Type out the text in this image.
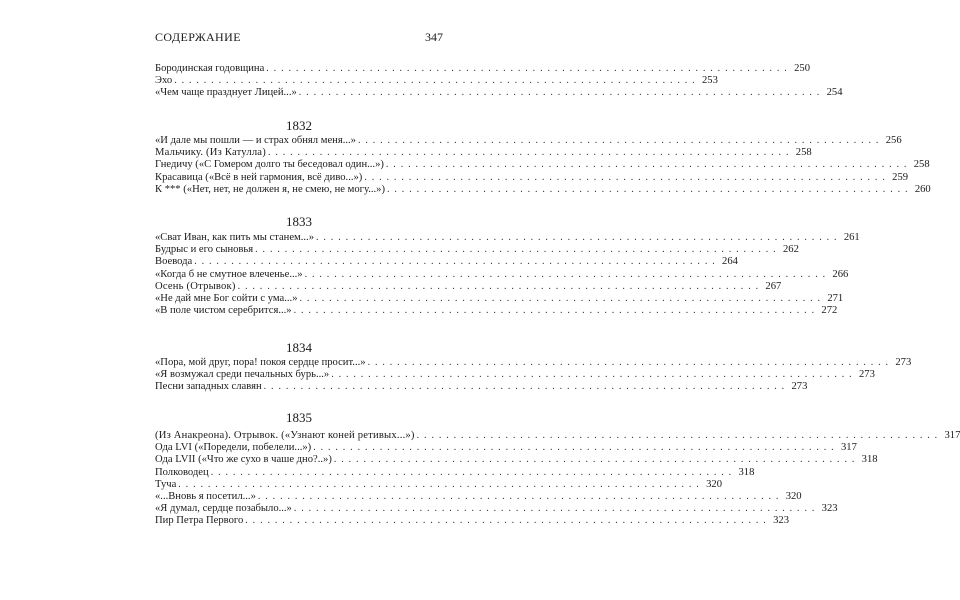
СОДЕРЖАНИЕ	347
Бородинская годовщина . . .	250
Эхо . . .	253
«Чем чаще празднует Лицей...» . . .	254
1832
«И дале мы пошли — и страх обнял меня...» . . .	256
Мальчику. (Из Катулла) . . .	258
Гнедичу («С Гомером долго ты беседовал один...») . . .	258
Красавица («Всё в ней гармония, всё диво...») . . .	259
К *** («Нет, нет, не должен я, не смею, не могу...») . . .	260
1833
«Сват Иван, как пить мы станем...» . . .	261
Будрыс и его сыновья . . .	262
Воевода . . .	264
«Когда б не смутное влеченье...» . . .	266
Осень (Отрывок) . . .	267
«Не дай мне Бог сойти с ума...» . . .	271
«В поле чистом серебрится...» . . .	272
1834
«Пора, мой друг, пора! покоя сердце просит...» . . .	273
«Я возмужал среди печальных бурь...» . . .	273
Песни западных славян . . .	273
1835
(Из Анакреона). Отрывок. («Узнают коней ретивых...») . . .	317
Ода LVI («Поредели, побелели...») . . .	317
Ода LVII («Что же сухо в чаше дно?..») . . .	318
Полководец . . .	318
Туча . . .	320
«...Вновь я посетил...» . . .	320
«Я думал, сердце позабыло...» . . .	323
Пир Петра Первого . . .	323
